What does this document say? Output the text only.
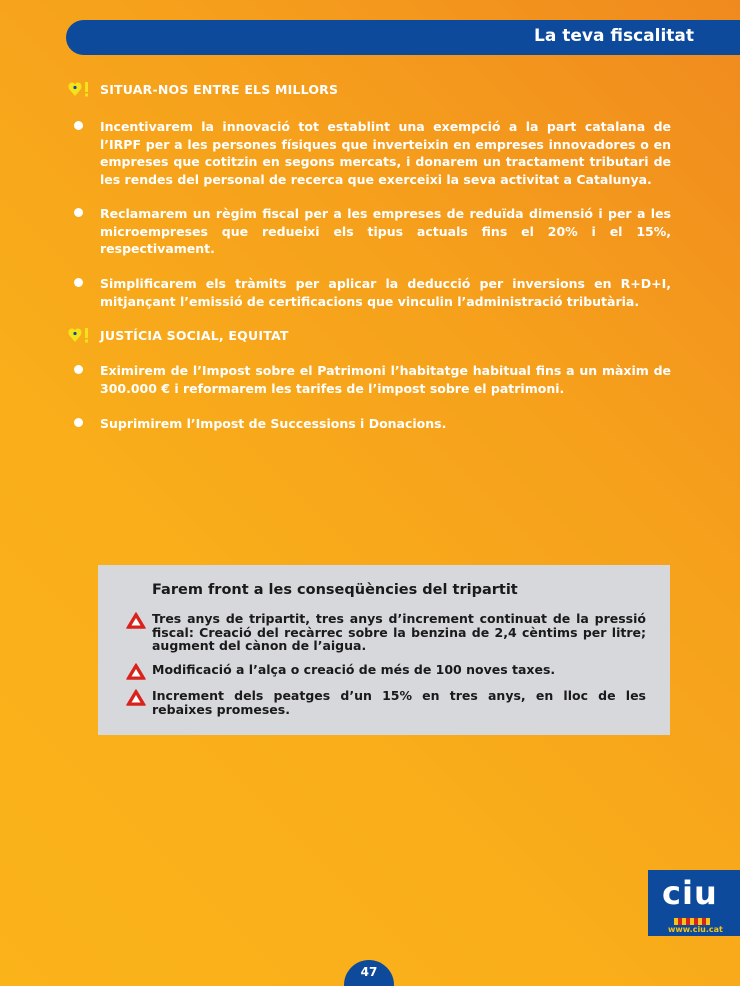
La teva fiscalitat
SITUAR-NOS ENTRE ELS MILLORS
Incentivarem la innovació tot establint una exempció a la part catalana de l’IRPF per a les persones físiques que inverteixin en empreses innovadores o en empreses que cotitzin en segons mercats, i donarem un tractament tributari de les rendes del personal de recerca que exerceixi la seva activitat a Catalunya.
Reclamarem un règim fiscal per a les empreses de reduïda dimensió i per a les microempreses que redueixi els tipus actuals fins el 20% i el 15%, respectivament.
Simplificarem els tràmits per aplicar la deducció per inversions en R+D+I, mitjançant l’emissió de certificacions que vinculin l’administració tributària.
JUSTÍCIA SOCIAL, EQUITAT
Eximirem de l’Impost sobre el Patrimoni l’habitatge habitual fins a un màxim de 300.000 € i reformarem les tarifes de l’impost sobre el patrimoni.
Suprimirem l’Impost de Successions i Donacions.
Farem front a les conseqüències del tripartit
Tres anys de tripartit, tres anys d’increment continuat de la pressió fiscal: Creació del recàrrec sobre la benzina de 2,4 cèntims per litre; augment del cànon de l’aigua.
Modificació a l’alça o creació de més de 100 noves taxes.
Increment dels peatges d’un 15% en tres anys, en lloc de les rebaixes promeses.
ciu
www.ciu.cat
47
